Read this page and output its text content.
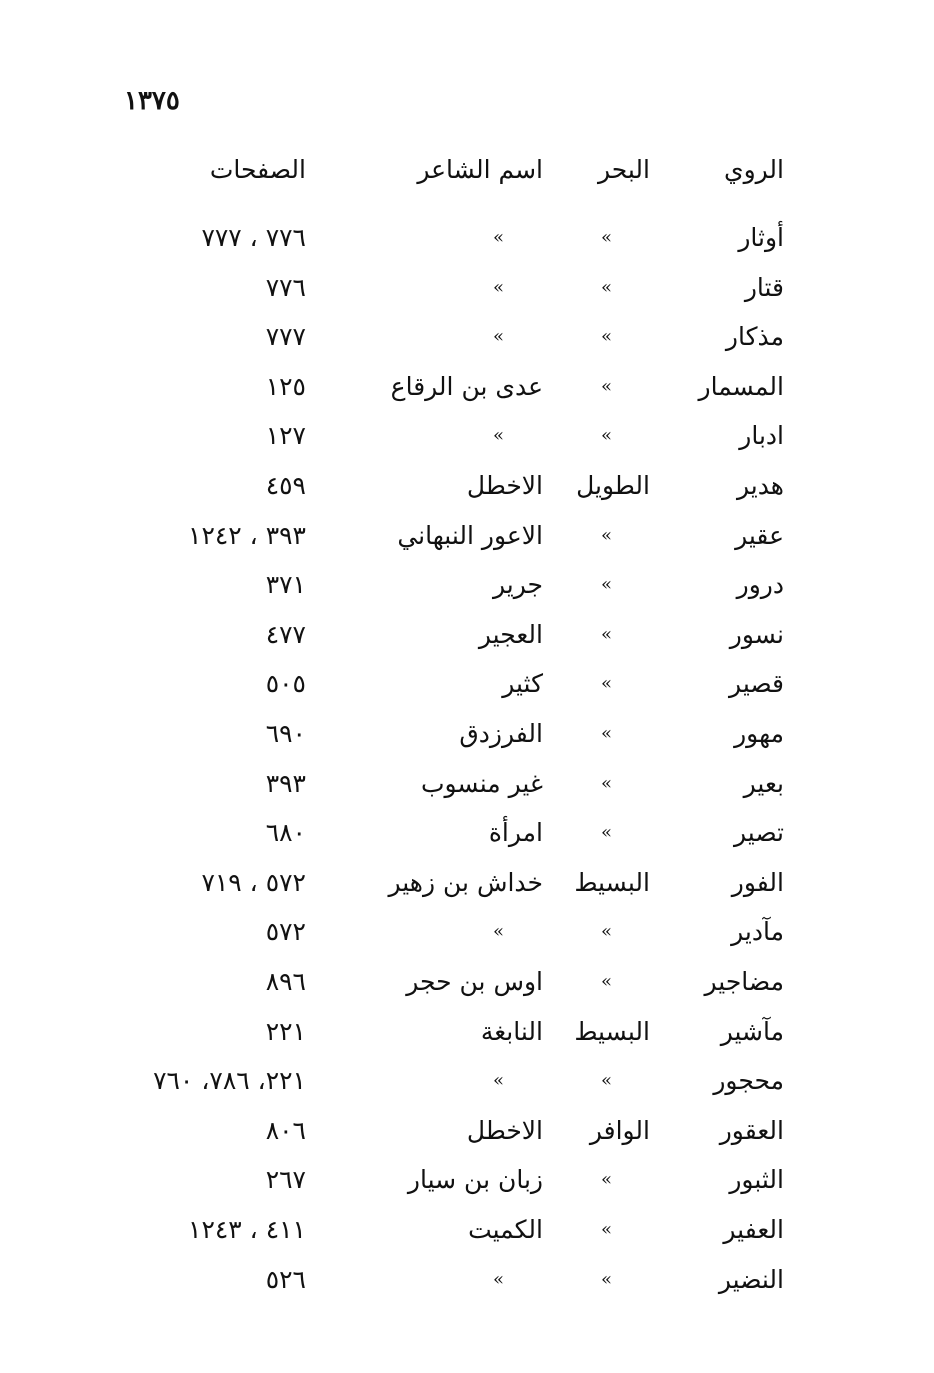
١٣٧٥
الروي
البحر
اسم الشاعر
الصفحات
أوثار
»
»
٧٧٦ ، ٧٧٧
قتار
»
»
٧٧٦
مذكار
»
»
٧٧٧
المسمار
»
عدى بن الرقاع
١٢٥
ادبار
»
»
١٢٧
هدير
الطويل
الاخطل
٤٥٩
عقير
»
الاعور النبهاني
٣٩٣ ، ١٢٤٢
درور
»
جرير
٣٧١
نسور
»
العجير
٤٧٧
قصير
»
كثير
٥٠٥
مهور
»
الفرزدق
٦٩٠
بعير
»
غير منسوب
٣٩٣
تصير
»
امرأة
٦٨٠
الفور
البسيط
خداش بن زهير
٥٧٢ ، ٧١٩
مآدير
»
»
٥٧٢
مضاجير
»
اوس بن حجر
٨٩٦
مآشير
البسيط
النابغة
٢٢١
محجور
»
»
٢٢١، ٧٨٦، ٧٦٠
العقور
الوافر
الاخطل
٨٠٦
الثبور
»
زبان بن سيار
٢٦٧
العفير
»
الكميت
٤١١ ، ١٢٤٣
النضير
»
»
٥٢٦
